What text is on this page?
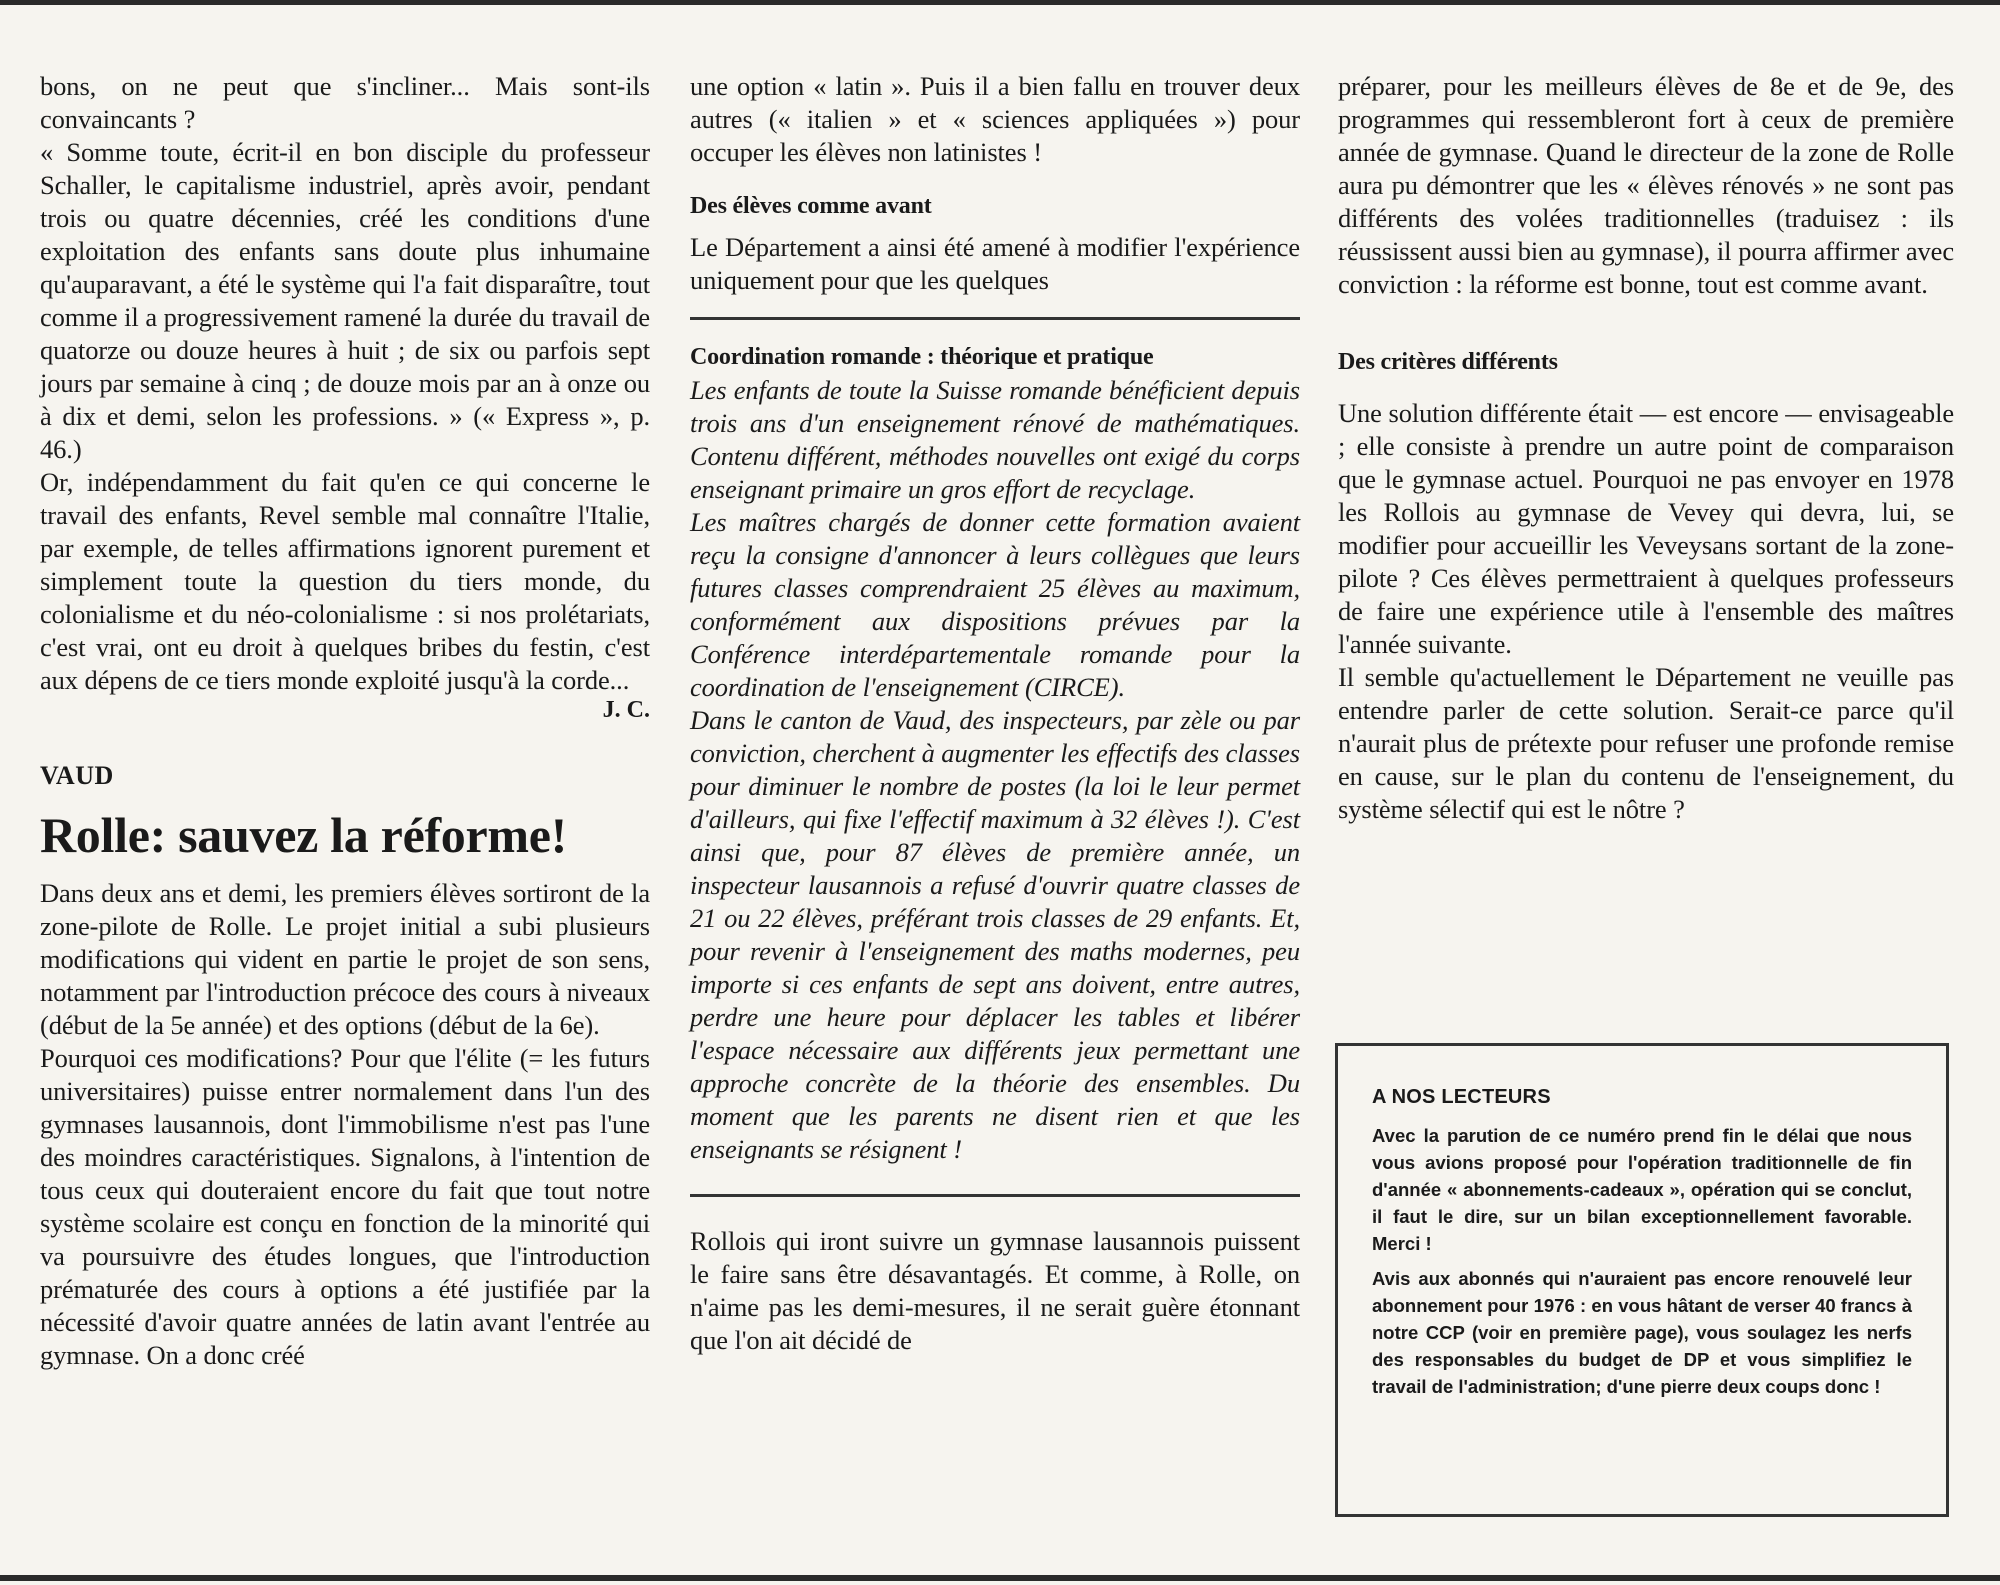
bons, on ne peut que s'incliner... Mais sont-ils convaincants ?

« Somme toute, écrit-il en bon disciple du professeur Schaller, le capitalisme industriel, après avoir, pendant trois ou quatre décennies, créé les conditions d'une exploitation des enfants sans doute plus inhumaine qu'auparavant, a été le système qui l'a fait disparaître, tout comme il a progressivement ramené la durée du travail de quatorze ou douze heures à huit ; de six ou parfois sept jours par semaine à cinq ; de douze mois par an à onze ou à dix et demi, selon les professions. » (« Express », p. 46.)

Or, indépendamment du fait qu'en ce qui concerne le travail des enfants, Revel semble mal connaître l'Italie, par exemple, de telles affirmations ignorent purement et simplement toute la question du tiers monde, du colonialisme et du néo-colonialisme : si nos prolétariats, c'est vrai, ont eu droit à quelques bribes du festin, c'est aux dépens de ce tiers monde exploité jusqu'à la corde...

J. C.

VAUD

Rolle: sauvez la réforme!

Dans deux ans et demi, les premiers élèves sortiront de la zone-pilote de Rolle. Le projet initial a subi plusieurs modifications qui vident en partie le projet de son sens, notamment par l'introduction précoce des cours à niveaux (début de la 5e année) et des options (début de la 6e).

Pourquoi ces modifications? Pour que l'élite (= les futurs universitaires) puisse entrer normalement dans l'un des gymnases lausannois, dont l'immobilisme n'est pas l'une des moindres caractéristiques. Signalons, à l'intention de tous ceux qui douteraient encore du fait que tout notre système scolaire est conçu en fonction de la minorité qui va poursuivre des études longues, que l'introduction prématurée des cours à options a été justifiée par la nécessité d'avoir quatre années de latin avant l'entrée au gymnase. On a donc créé

une option « latin ». Puis il a bien fallu en trouver deux autres (« italien » et « sciences appliquées ») pour occuper les élèves non latinistes !

Des élèves comme avant

Le Département a ainsi été amené à modifier l'expérience uniquement pour que les quelques

Coordination romande : théorique et pratique

Les enfants de toute la Suisse romande bénéficient depuis trois ans d'un enseignement rénové de mathématiques. Contenu différent, méthodes nouvelles ont exigé du corps enseignant primaire un gros effort de recyclage.

Les maîtres chargés de donner cette formation avaient reçu la consigne d'annoncer à leurs collègues que leurs futures classes comprendraient 25 élèves au maximum, conformément aux dispositions prévues par la Conférence interdépartementale romande pour la coordination de l'enseignement (CIRCE).

Dans le canton de Vaud, des inspecteurs, par zèle ou par conviction, cherchent à augmenter les effectifs des classes pour diminuer le nombre de postes (la loi le leur permet d'ailleurs, qui fixe l'effectif maximum à 32 élèves !). C'est ainsi que, pour 87 élèves de première année, un inspecteur lausannois a refusé d'ouvrir quatre classes de 21 ou 22 élèves, préférant trois classes de 29 enfants. Et, pour revenir à l'enseignement des maths modernes, peu importe si ces enfants de sept ans doivent, entre autres, perdre une heure pour déplacer les tables et libérer l'espace nécessaire aux différents jeux permettant une approche concrète de la théorie des ensembles. Du moment que les parents ne disent rien et que les enseignants se résignent !

Rollois qui iront suivre un gymnase lausannois puissent le faire sans être désavantagés. Et comme, à Rolle, on n'aime pas les demi-mesures, il ne serait guère étonnant que l'on ait décidé de

préparer, pour les meilleurs élèves de 8e et de 9e, des programmes qui ressembleront fort à ceux de première année de gymnase. Quand le directeur de la zone de Rolle aura pu démontrer que les « élèves rénovés » ne sont pas différents des volées traditionnelles (traduisez : ils réussissent aussi bien au gymnase), il pourra affirmer avec conviction : la réforme est bonne, tout est comme avant.

Des critères différents

Une solution différente était — est encore — envisageable ; elle consiste à prendre un autre point de comparaison que le gymnase actuel. Pourquoi ne pas envoyer en 1978 les Rollois au gymnase de Vevey qui devra, lui, se modifier pour accueillir les Veveysans sortant de la zone-pilote ? Ces élèves permettraient à quelques professeurs de faire une expérience utile à l'ensemble des maîtres l'année suivante.

Il semble qu'actuellement le Département ne veuille pas entendre parler de cette solution. Serait-ce parce qu'il n'aurait plus de prétexte pour refuser une profonde remise en cause, sur le plan du contenu de l'enseignement, du système sélectif qui est le nôtre ?

A NOS LECTEURS

Avec la parution de ce numéro prend fin le délai que nous vous avions proposé pour l'opération traditionnelle de fin d'année « abonnements-cadeaux », opération qui se conclut, il faut le dire, sur un bilan exceptionnellement favorable. Merci !

Avis aux abonnés qui n'auraient pas encore renouvelé leur abonnement pour 1976 : en vous hâtant de verser 40 francs à notre CCP (voir en première page), vous soulagez les nerfs des responsables du budget de DP et vous simplifiez le travail de l'administration; d'une pierre deux coups donc !
